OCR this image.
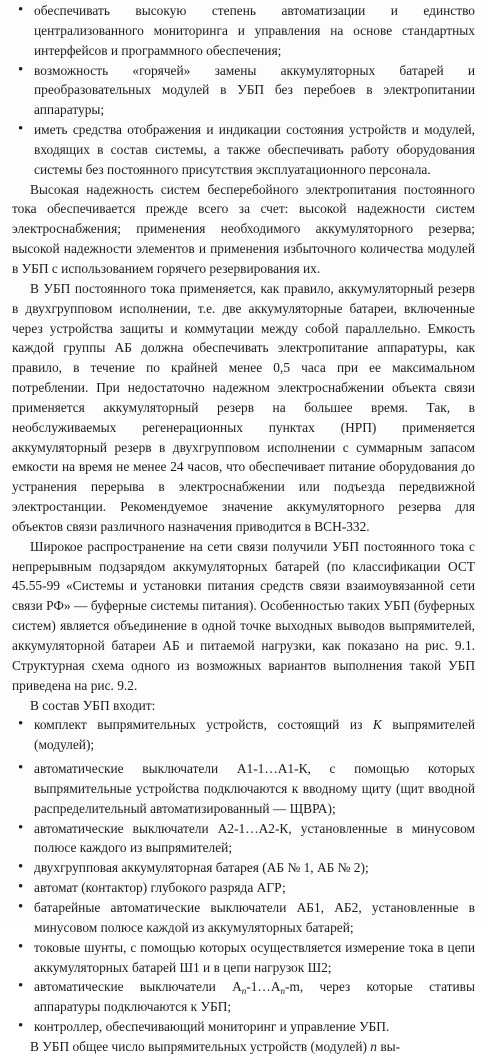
• обеспечивать высокую степень автоматизации и единство централизованного мониторинга и управления на основе стандартных интерфейсов и программного обеспечения;
• возможность «горячей» замены аккумуляторных батарей и преобразовательных модулей в УБП без перебоев в электропитании аппаратуры;
• иметь средства отображения и индикации состояния устройств и модулей, входящих в состав системы, а также обеспечивать работу оборудования системы без постоянного присутствия эксплуатационного персонала.

Высокая надежность систем бесперебойного электропитания постоянного тока обеспечивается прежде всего за счет: высокой надежности систем электроснабжения; применения необходимого аккумуляторного резерва; высокой надежности элементов и применения избыточного количества модулей в УБП с использованием горячего резервирования их.

В УБП постоянного тока применяется, как правило, аккумуляторный резерв в двухгрупповом исполнении, т.е. две аккумуляторные батареи, включенные через устройства защиты и коммутации между собой параллельно. Емкость каждой группы АБ должна обеспечивать электропитание аппаратуры, как правило, в течение по крайней менее 0,5 часа при ее максимальном потреблении. При недостаточно надежном электроснабжении объекта связи применяется аккумуляторный резерв на большее время. Так, в необслуживаемых регенерационных пунктах (НРП) применяется аккумуляторный резерв в двухгрупповом исполнении с суммарным запасом емкости на время не менее 24 часов, что обеспечивает питание оборудования до устранения перерыва в электроснабжении или подъезда передвижной электростанции. Рекомендуемое значение аккумуляторного резерва для объектов связи различного назначения приводится в ВСН-332.

Широкое распространение на сети связи получили УБП постоянного тока с непрерывным подзарядом аккумуляторных батарей (по классификации ОСТ 45.55-99 «Системы и установки питания средств связи взаимоувязанной сети связи РФ» — буферные системы питания). Особенностью таких УБП (буферных систем) является объединение в одной точке выходных выводов выпрямителей, аккумуляторной батареи АБ и питаемой нагрузки, как показано на рис. 9.1. Структурная схема одного из возможных вариантов выполнения такой УБП приведена на рис. 9.2.

В состав УБП входит:

• комплект выпрямительных устройств, состоящий из K выпрямителей (модулей);
• автоматические выключатели А1-1…А1-К, с помощью которых выпрямительные устройства подключаются к вводному щиту (щит вводной распределительный автоматизированный — ЩВРА);
• автоматические выключатели А2-1…А2-К, установленные в минусовом полюсе каждого из выпрямителей;
• двухгрупповая аккумуляторная батарея (АБ № 1, АБ № 2);
• автомат (контактор) глубокого разряда АГР;
• батарейные автоматические выключатели АБ1, АБ2, установленные в минусовом полюсе каждой из аккумуляторных батарей;
• токовые шунты, с помощью которых осуществляется измерение тока в цепи аккумуляторных батарей Ш1 и в цепи нагрузок Ш2;
• автоматические выключатели $А_п-1\dots А_п-m$, через которые стативы аппаратуры подключаются к УБП;
• контроллер, обеспечивающий мониторинг и управление УБП.

В УБП общее число выпрямительных устройств (модулей) n вы-
